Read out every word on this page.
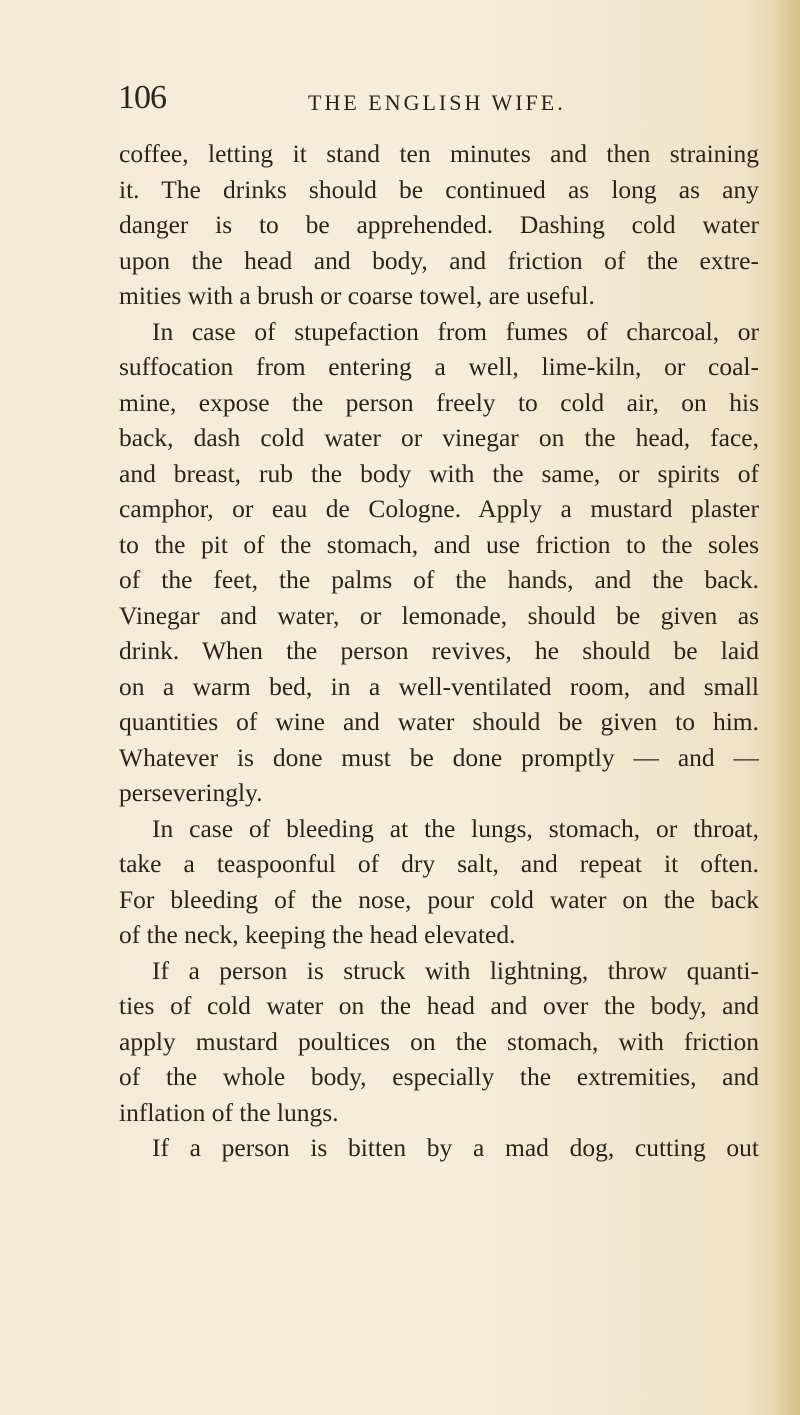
106	THE ENGLISH WIFE.
coffee, letting it stand ten minutes and then straining
it. The drinks should be continued as long as any
danger is to be apprehended. Dashing cold water
upon the head and body, and friction of the extre-
mities with a brush or coarse towel, are useful.
In case of stupefaction from fumes of charcoal, or
suffocation from entering a well, lime-kiln, or coal-
mine, expose the person freely to cold air, on his
back, dash cold water or vinegar on the head, face,
and breast, rub the body with the same, or spirits of
camphor, or eau de Cologne. Apply a mustard plaster
to the pit of the stomach, and use friction to the soles
of the feet, the palms of the hands, and the back.
Vinegar and water, or lemonade, should be given as
drink. When the person revives, he should be laid
on a warm bed, in a well-ventilated room, and small
quantities of wine and water should be given to him.
Whatever is done must be done promptly — and —
perseveringly.
In case of bleeding at the lungs, stomach, or throat,
take a teaspoonful of dry salt, and repeat it often.
For bleeding of the nose, pour cold water on the back
of the neck, keeping the head elevated.
If a person is struck with lightning, throw quanti-
ties of cold water on the head and over the body, and
apply mustard poultices on the stomach, with friction
of the whole body, especially the extremities, and
inflation of the lungs.
If a person is bitten by a mad dog, cutting out
